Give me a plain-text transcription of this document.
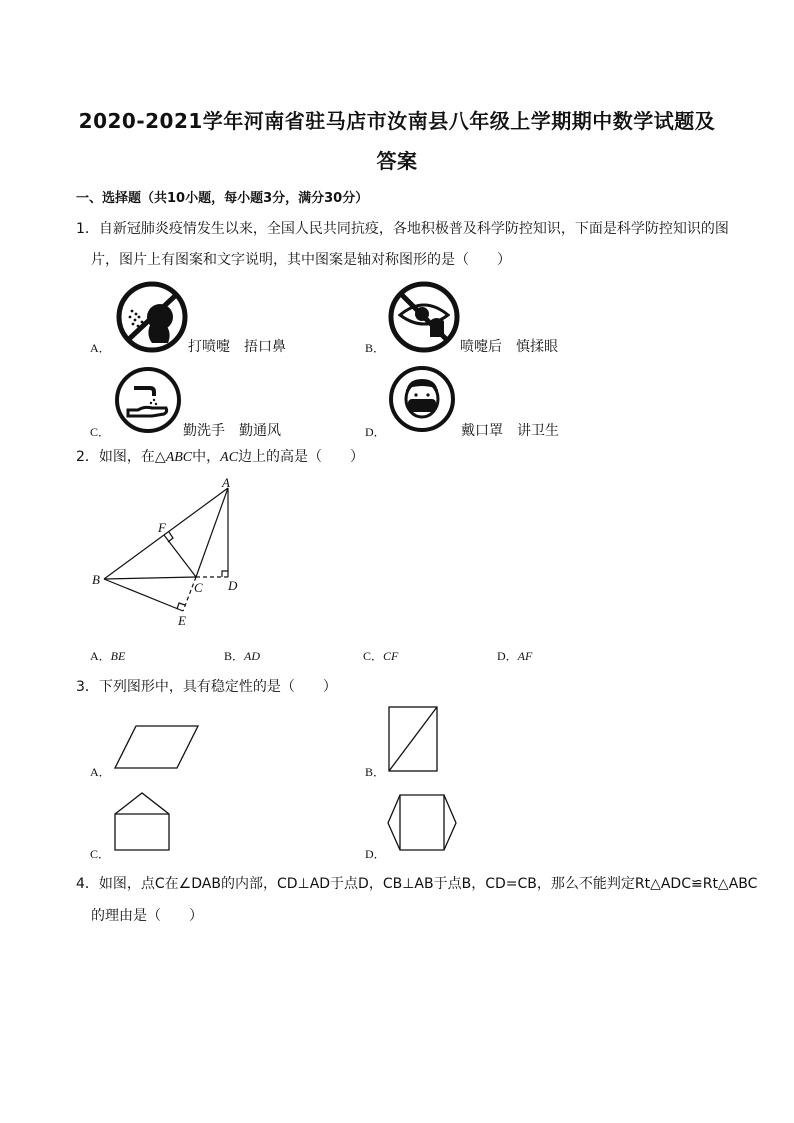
2020-2021学年河南省驻马店市汝南县八年级上学期期中数学试题及
答案
一、选择题（共10小题，每小题3分，满分30分）
1．自新冠肺炎疫情发生以来，全国人民共同抗疫，各地积极普及科学防控知识，下面是科学防控知识的图
片，图片上有图案和文字说明，其中图案是轴对称图形的是（　　）
A．	打喷嚏　捂口鼻	B．	喷嚏后　慎揉眼
C．	勤洗手　勤通风	D．	戴口罩　讲卫生
2．如图，在△ABC中，AC边上的高是（　　）
A
B
C D
E
F
A．BE	B．AD	C．CF	D．AF
3．下列图形中，具有稳定性的是（　　）
A．	B．
C．	D．
4．如图，点C在∠DAB的内部，CD⊥AD于点D，CB⊥AB于点B，CD=CB，那么不能判定Rt△ADC≌Rt△ABC
的理由是（　　）
